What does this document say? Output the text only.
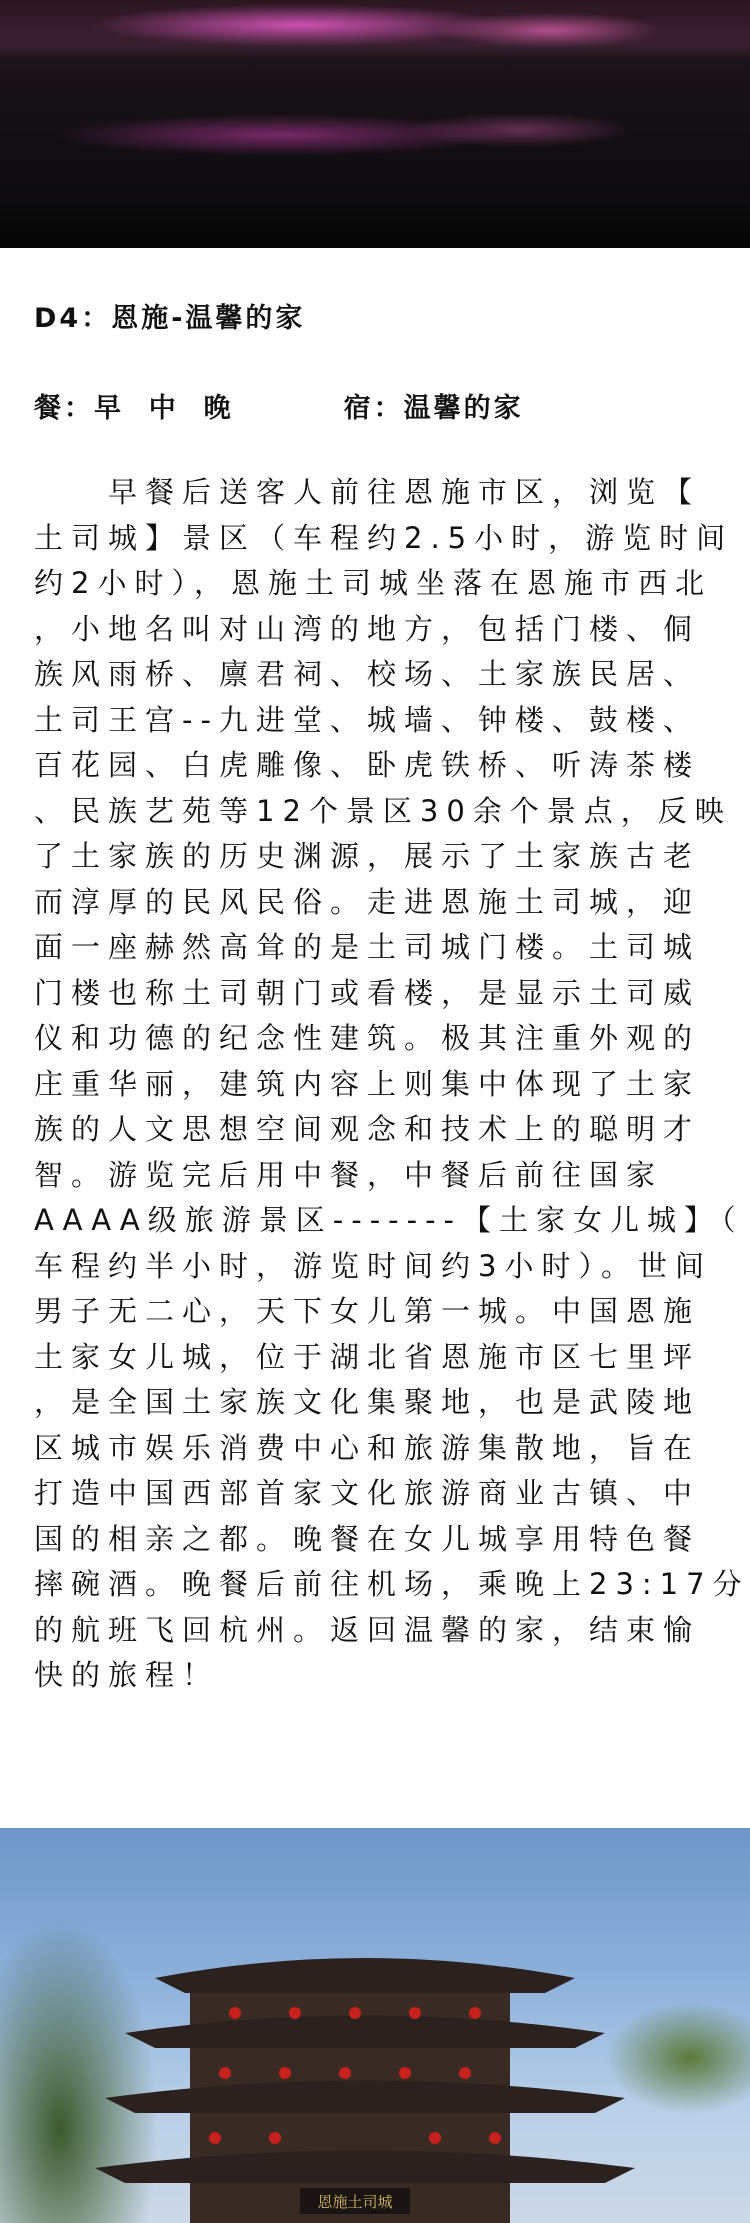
D4：恩施-温馨的家
餐：早  中  晚	宿：温馨的家
　　早餐后送客人前往恩施市区，浏览【
土司城】景区（车程约2.5小时，游览时间
约2小时），恩施土司城坐落在恩施市西北
，小地名叫对山湾的地方，包括门楼、侗
族风雨桥、廪君祠、校场、土家族民居、
土司王宫--九进堂、城墙、钟楼、鼓楼、
百花园、白虎雕像、卧虎铁桥、听涛茶楼
、民族艺苑等12个景区30余个景点，反映
了土家族的历史渊源，展示了土家族古老
而淳厚的民风民俗。走进恩施土司城，迎
面一座赫然高耸的是土司城门楼。土司城
门楼也称土司朝门或看楼，是显示土司威
仪和功德的纪念性建筑。极其注重外观的
庄重华丽，建筑内容上则集中体现了土家
族的人文思想空间观念和技术上的聪明才
智。游览完后用中餐，中餐后前往国家
AAAA级旅游景区-------【土家女儿城】（
车程约半小时，游览时间约3小时）。世间
男子无二心，天下女儿第一城。中国恩施
土家女儿城，位于湖北省恩施市区七里坪
，是全国土家族文化集聚地，也是武陵地
区城市娱乐消费中心和旅游集散地，旨在
打造中国西部首家文化旅游商业古镇、中
国的相亲之都。晚餐在女儿城享用特色餐
摔碗酒。晚餐后前往机场，乘晚上23:17分
的航班飞回杭州。返回温馨的家，结束愉
快的旅程！
恩施土司城
